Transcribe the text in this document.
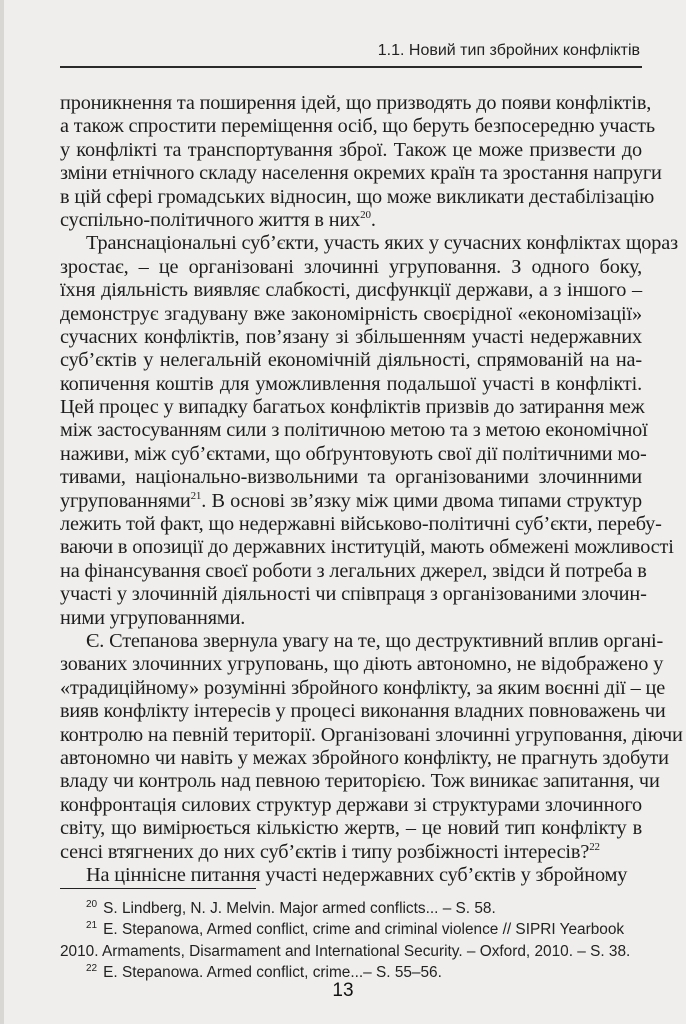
1.1. Новий тип збройних конфліктів
проникнення та поширення ідей, що призводять до появи конфліктів,
а також спростити переміщення осіб, що беруть безпосередню участь
у конфлікті та транспортування зброї. Також це може призвести до
зміни етнічного складу населення окремих країн та зростання напруги
в цій сфері громадських відносин, що може викликати дестабілізацію
суспільно-політичного життя в них$^{20}$.
Транснаціональні суб’єкти, участь яких у сучасних конфліктах щораз
зростає, – це організовані злочинні угруповання. З одного боку,
їхня діяльність виявляє слабкості, дисфункції держави, а з іншого –
демонструє згадувану вже закономірність своєрідної «економізації»
сучасних конфліктів, пов’язану зі збільшенням участі недержавних
суб’єктів у нелегальній економічній діяльності, спрямованій на на-
копичення коштів для уможливлення подальшої участі в конфлікті.
Цей процес у випадку багатьох конфліктів призвів до затирання меж
між застосуванням сили з політичною метою та з метою економічної
наживи, між суб’єктами, що обґрунтовують свої дії політичними мо-
тивами, національно-визвольними та організованими злочинними
угрупованнями$^{21}$. В основі зв’язку між цими двома типами структур
лежить той факт, що недержавні військово-політичні суб’єкти, перебу-
ваючи в опозиції до державних інституцій, мають обмежені можливості
на фінансування своєї роботи з легальних джерел, звідси й потреба в
участі у злочинній діяльності чи співпраця з організованими злочин-
ними угрупованнями.
Є. Степанова звернула увагу на те, що деструктивний вплив органі-
зованих злочинних угруповань, що діють автономно, не відображено у
«традиційному» розумінні збройного конфлікту, за яким воєнні дії – це
вияв конфлікту інтересів у процесі виконання владних повноважень чи
контролю на певній території. Організовані злочинні угруповання, діючи
автономно чи навіть у межах збройного конфлікту, не прагнуть здобути
владу чи контроль над певною територією. Тож виникає запитання, чи
конфронтація силових структур держави зі структурами злочинного
світу, що вимірюється кількістю жертв, – це новий тип конфлікту в
сенсі втягнених до них суб’єктів і типу розбіжності інтересів?$^{22}$
На ціннісне питання участі недержавних суб’єктів у збройному
$^{20}$ S. Lindberg, N. J. Melvin. Major armed conflicts... – S. 58.
$^{21}$ E. Stepanowa, Armed conflict, crime and criminal violence // SIPRI Yearbook
2010. Armaments, Disarmament and International Security. – Oxford, 2010. – S. 38.
$^{22}$ E. Stepanowa. Armed conflict, crime...– S. 55–56.
13
